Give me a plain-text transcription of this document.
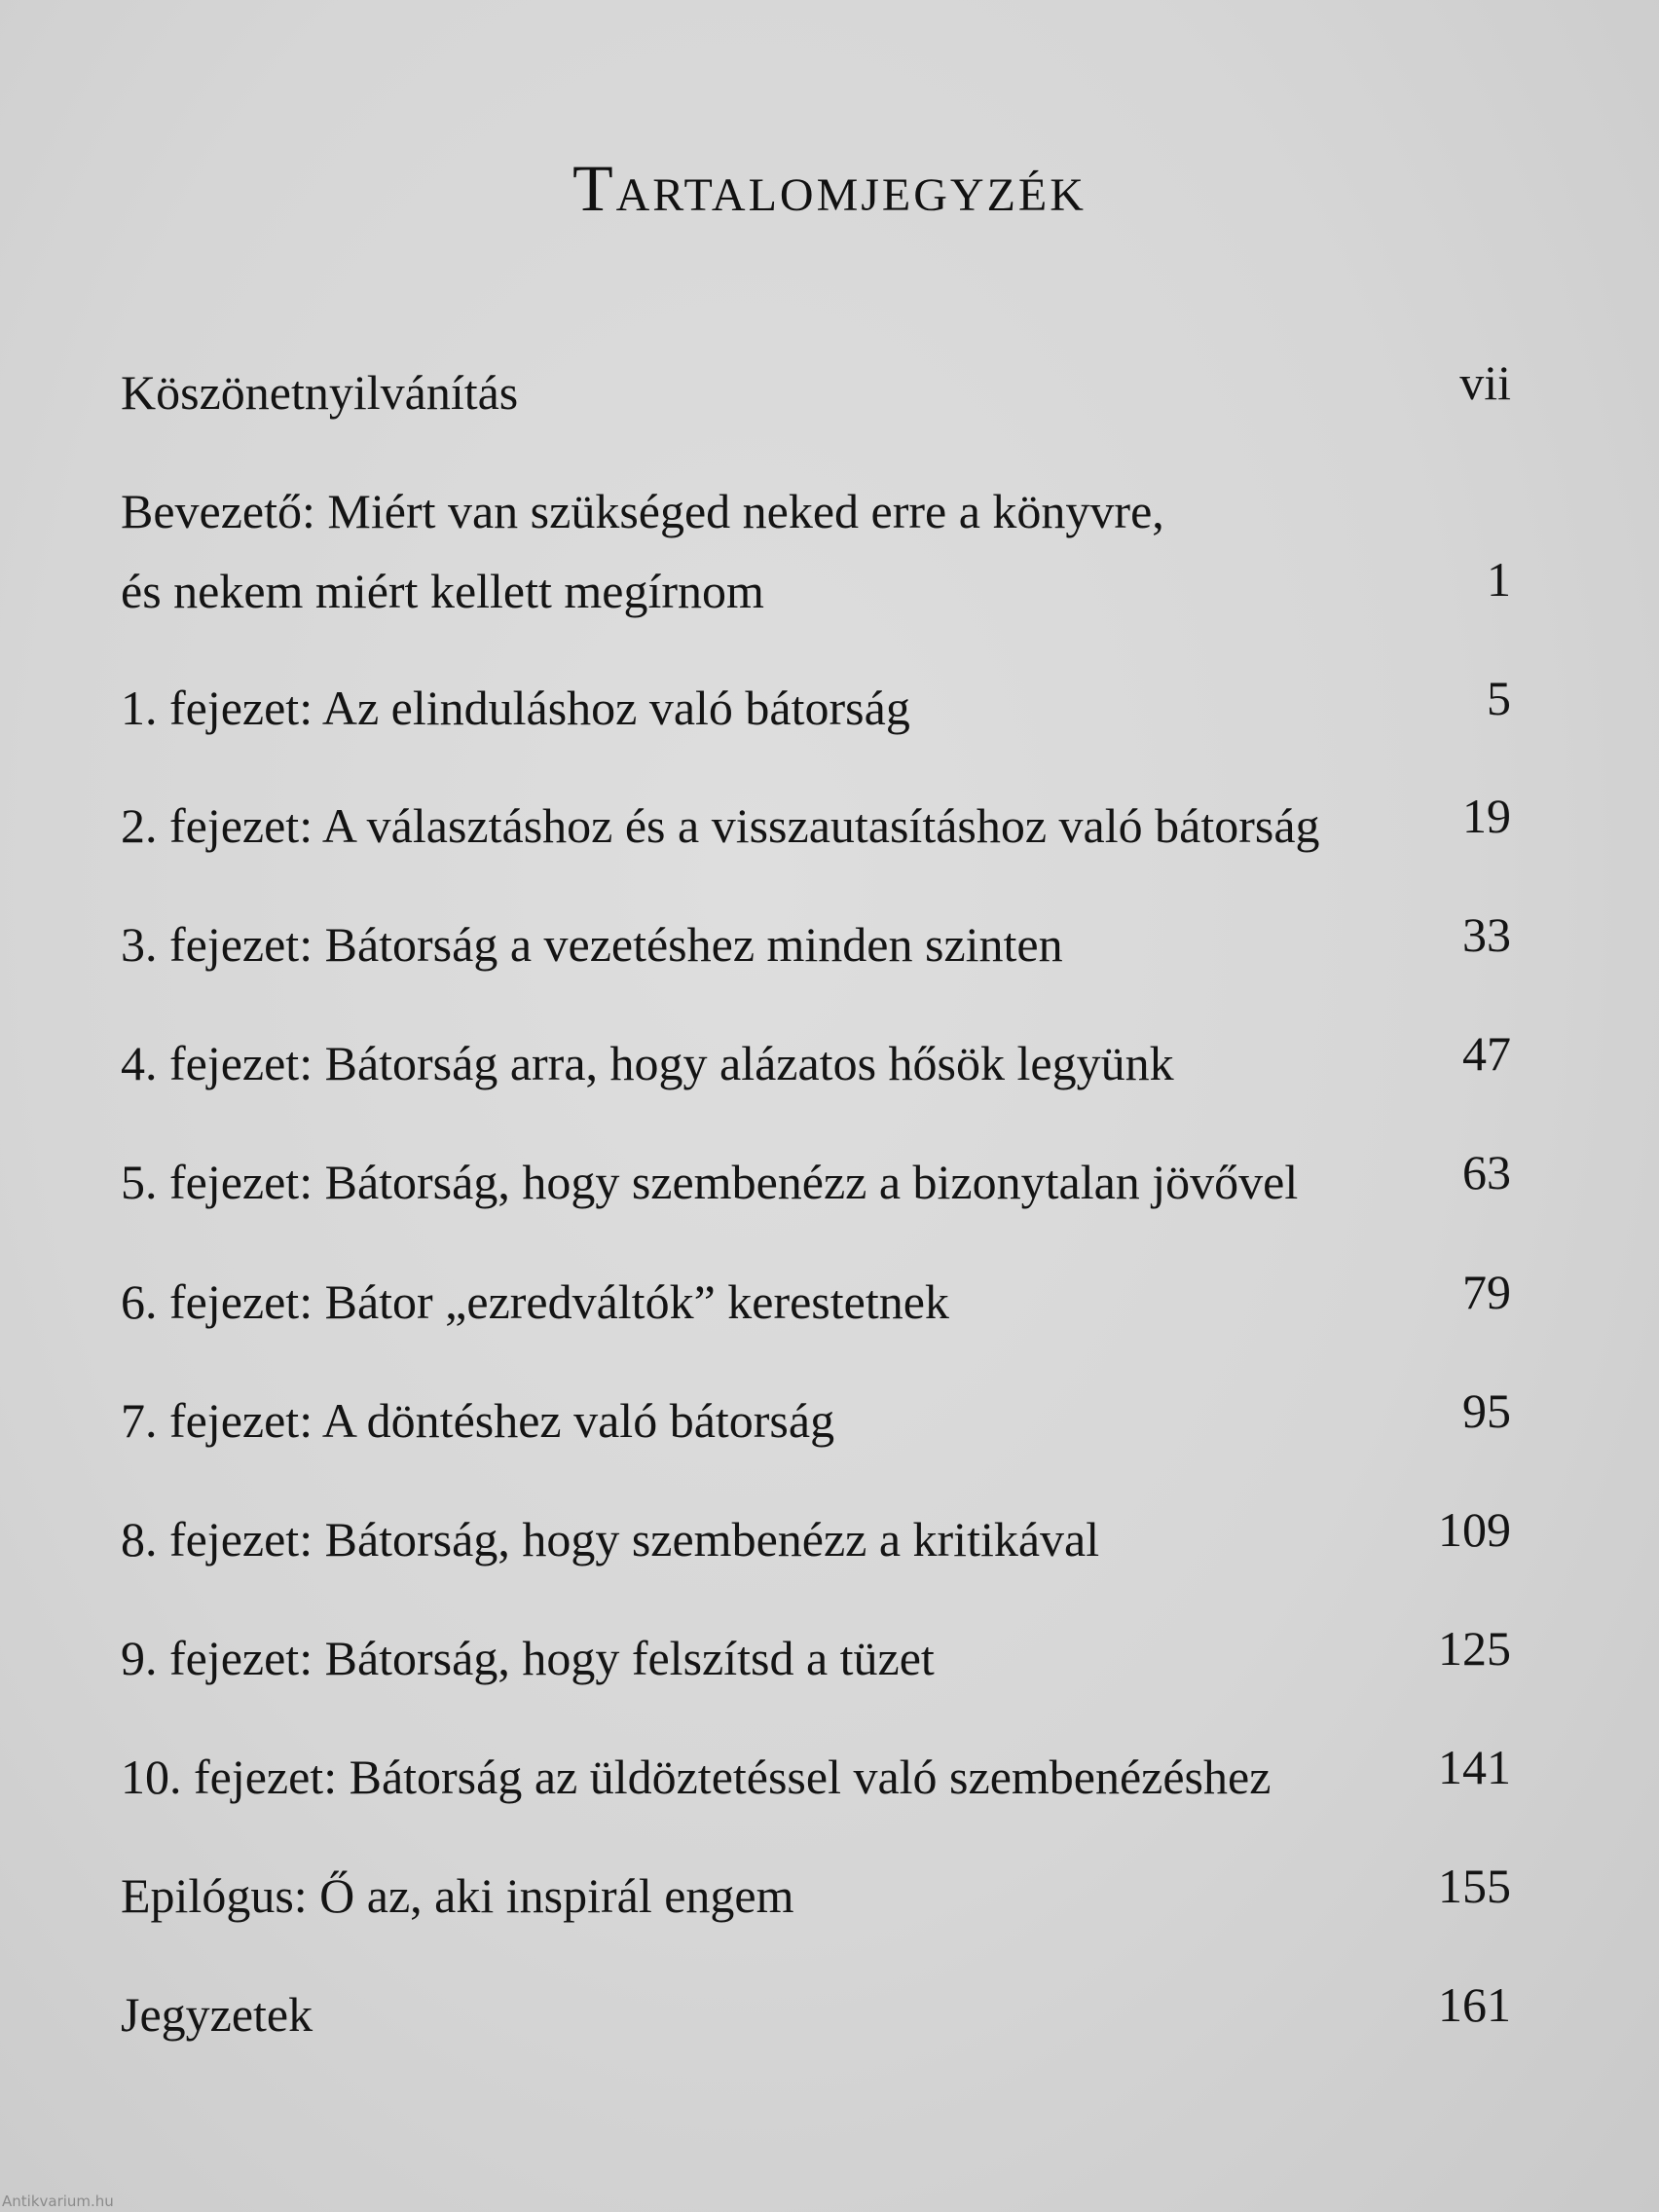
Tartalomjegyzék
Köszönetnyilvánítás	vii
Bevezető: Miért van szükséged neked erre a könyvre,
és nekem miért kellett megírnom	1
1. fejezet: Az elinduláshoz való bátorság	5
2. fejezet: A választáshoz és a visszautasításhoz való bátorság	19
3. fejezet: Bátorság a vezetéshez minden szinten	33
4. fejezet: Bátorság arra, hogy alázatos hősök legyünk	47
5. fejezet: Bátorság, hogy szembenézz a bizonytalan jövővel	63
6. fejezet: Bátor „ezredváltók” kerestetnek	79
7. fejezet: A döntéshez való bátorság	95
8. fejezet: Bátorság, hogy szembenézz a kritikával	109
9. fejezet: Bátorság, hogy felszítsd a tüzet	125
10. fejezet: Bátorság az üldöztetéssel való szembenézéshez	141
Epilógus: Ő az, aki inspirál engem	155
Jegyzetek	161
Antikvarium.hu
